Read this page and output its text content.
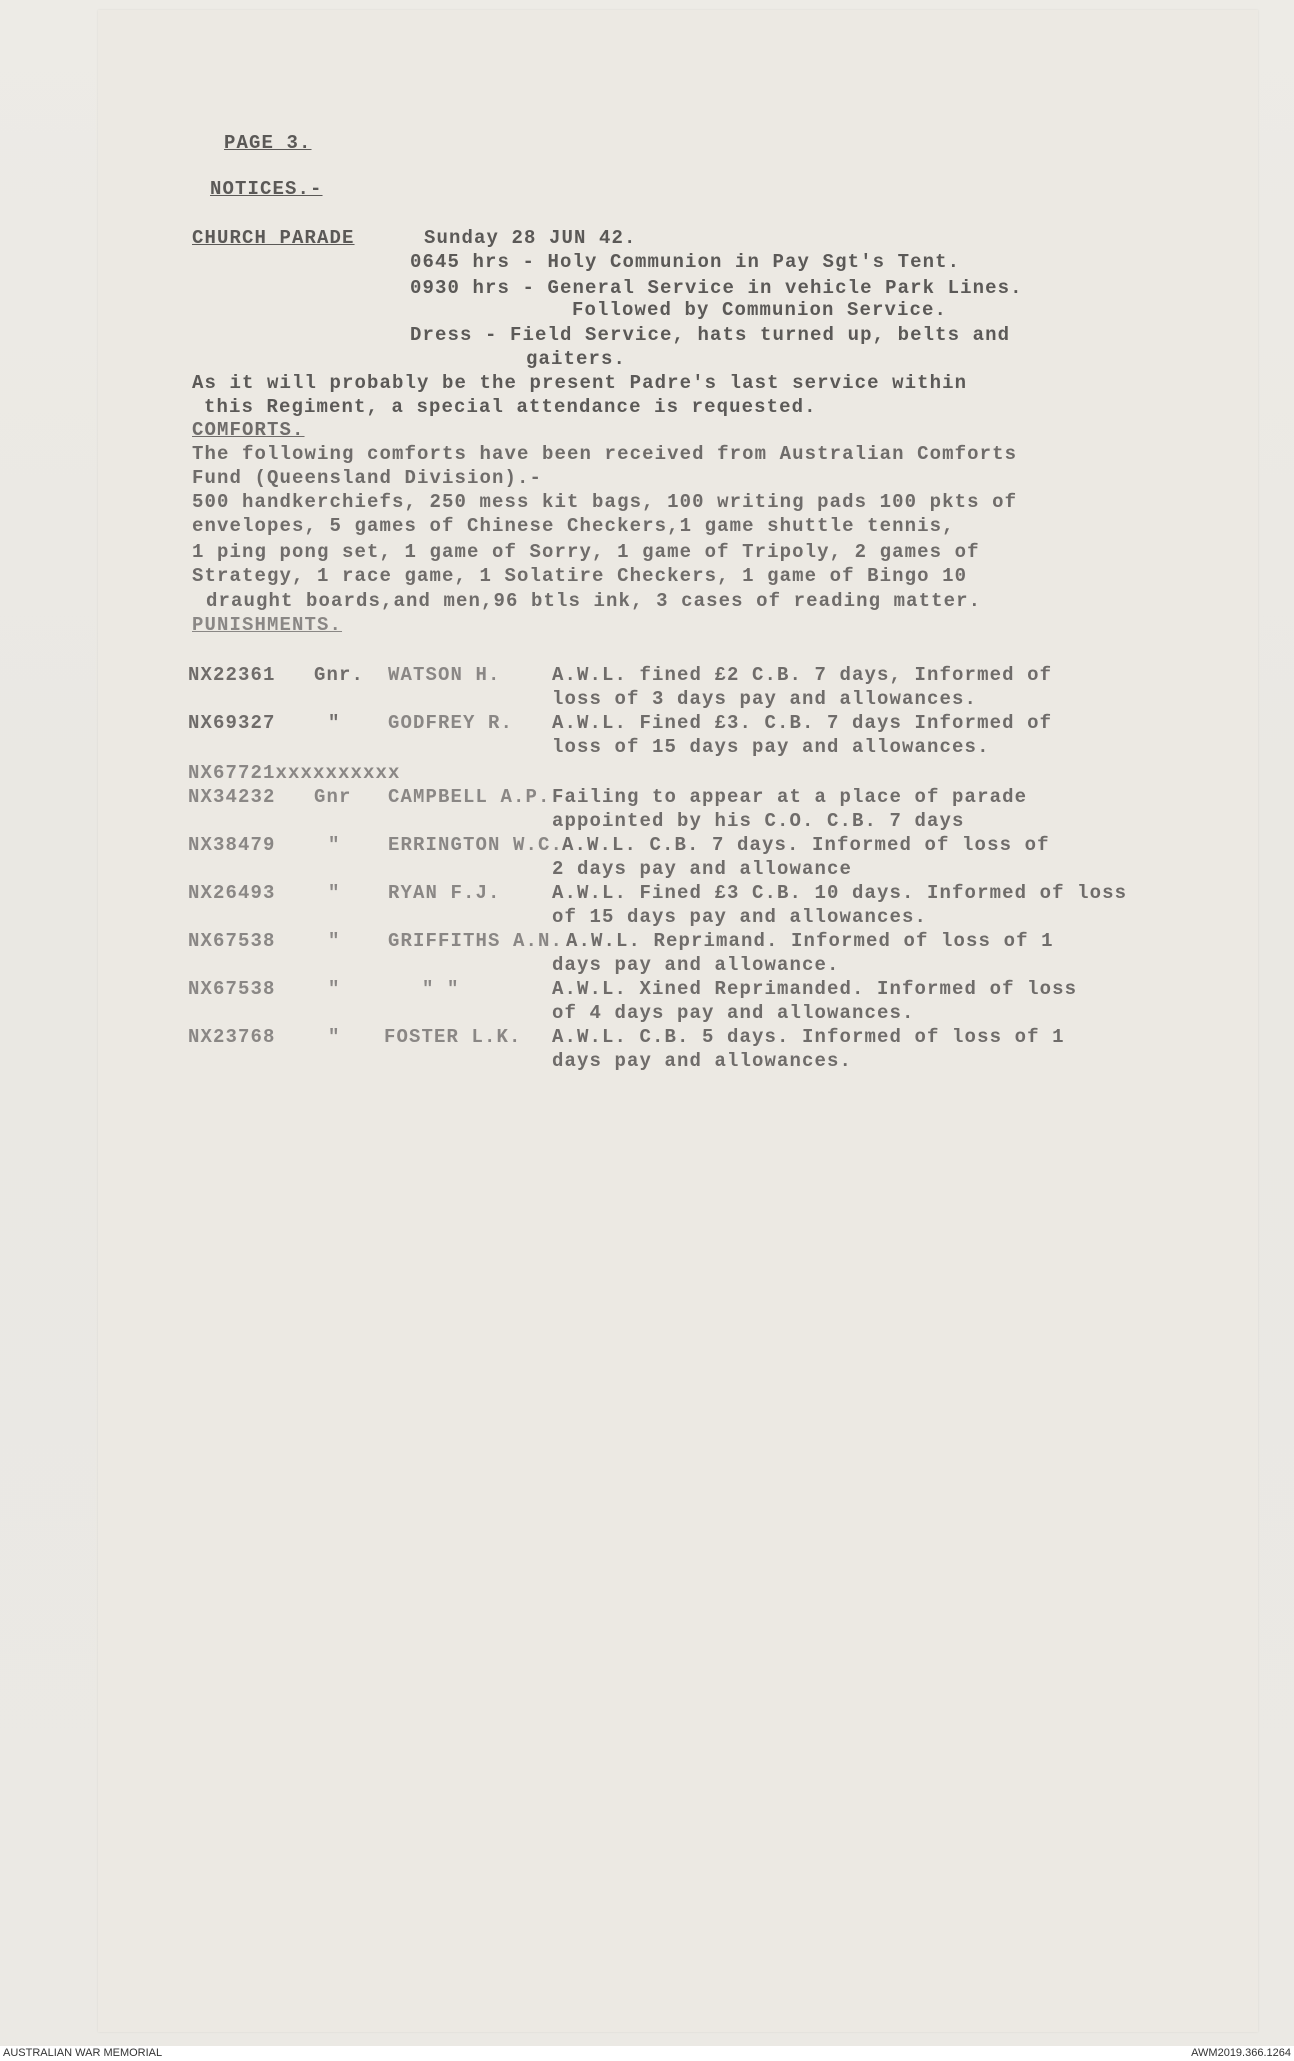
PAGE 3.
NOTICES.-
CHURCH PARADE	Sunday 28 JUN 42.
0645 hrs - Holy Communion in Pay Sgt's Tent.
0930 hrs - General Service in vehicle Park Lines.
Followed by Communion Service.
Dress - Field Service, hats turned up, belts and
gaiters.
As it will probably be the present Padre's last service within
this Regiment, a special attendance is requested.
COMFORTS.
The following comforts have been received from Australian Comforts
Fund (Queensland Division).-
500 handkerchiefs, 250 mess kit bags, 100 writing pads 100 pkts of
envelopes, 5 games of Chinese Checkers,1 game shuttle tennis,
1 ping pong set, 1 game of Sorry, 1 game of Tripoly, 2 games of
Strategy, 1 race game, 1 Solatire Checkers, 1 game of Bingo 10
draught boards,and men,96 btls ink, 3 cases of reading matter.
PUNISHMENTS.
NX22361 Gnr. WATSON H.	A.W.L. fined £2 C.B. 7 days, Informed of
loss of 3 days pay and allowances.
NX69327	" GODFREY R. A.W.L. Fined £3. C.B. 7 days Informed of
loss of 15 days pay and allowances.
NX67721xxxxxxxxxx
NX34232 Gnr CAMPBELL A.P. Failing to appear at a place of parade
appointed by his C.O. C.B. 7 days
NX38479	" ERRINGTON W.C.
A.W.L. C.B. 7 days. Informed of loss of
2 days pay and allowance
NX26493	" RYAN F.J.	A.W.L. Fined £3 C.B. 10 days. Informed of loss
of 15 days pay and allowances.
NX67538	" GRIFFITHS A.N. A.W.L. Reprimand. Informed of loss of 1
days pay and allowance.
NX67538	"	" "	A.W.L. Xined Reprimanded. Informed of loss
of 4 days pay and allowances.
NX23768	" FOSTER L.K. A.W.L. C.B. 5 days. Informed of loss of 1
days pay and allowances.
AUSTRALIAN WAR MEMORIAL	AWM2019.366.1264
